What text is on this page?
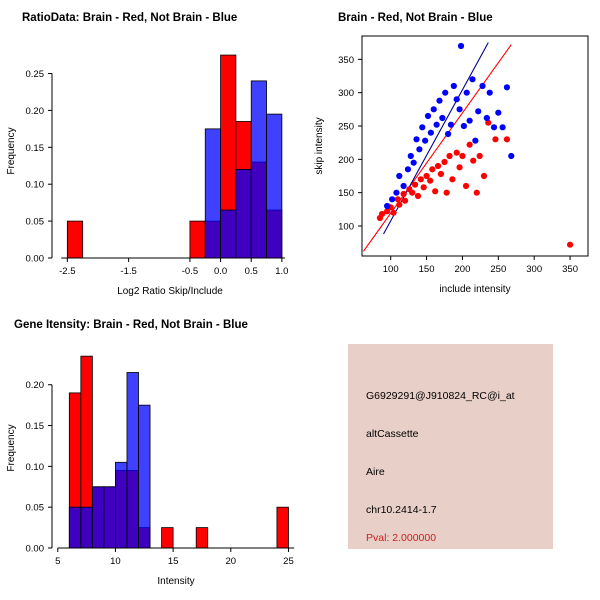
RatioData: Brain - Red, Not Brain - Blue
-2.5	-1.5	-0.5 0.0 0.5 1.0
0.00
0.05
0.10
0.15
0.20
0.25
Log2 Ratio Skip/Include
Frequency
Brain - Red, Not Brain - Blue
100 150 200 250 300 350
100
150
200
250
300
350
include intensity
skip intensity
Gene Itensity: Brain - Red, Not Brain - Blue
5	10	15	20	25
0.00
0.05
0.10
0.15
0.20
Intensity
Frequency
G6929291@J910824_RC@i_at
altCassette
Aire
chr10.2414-1.7
Pval: 2.000000
